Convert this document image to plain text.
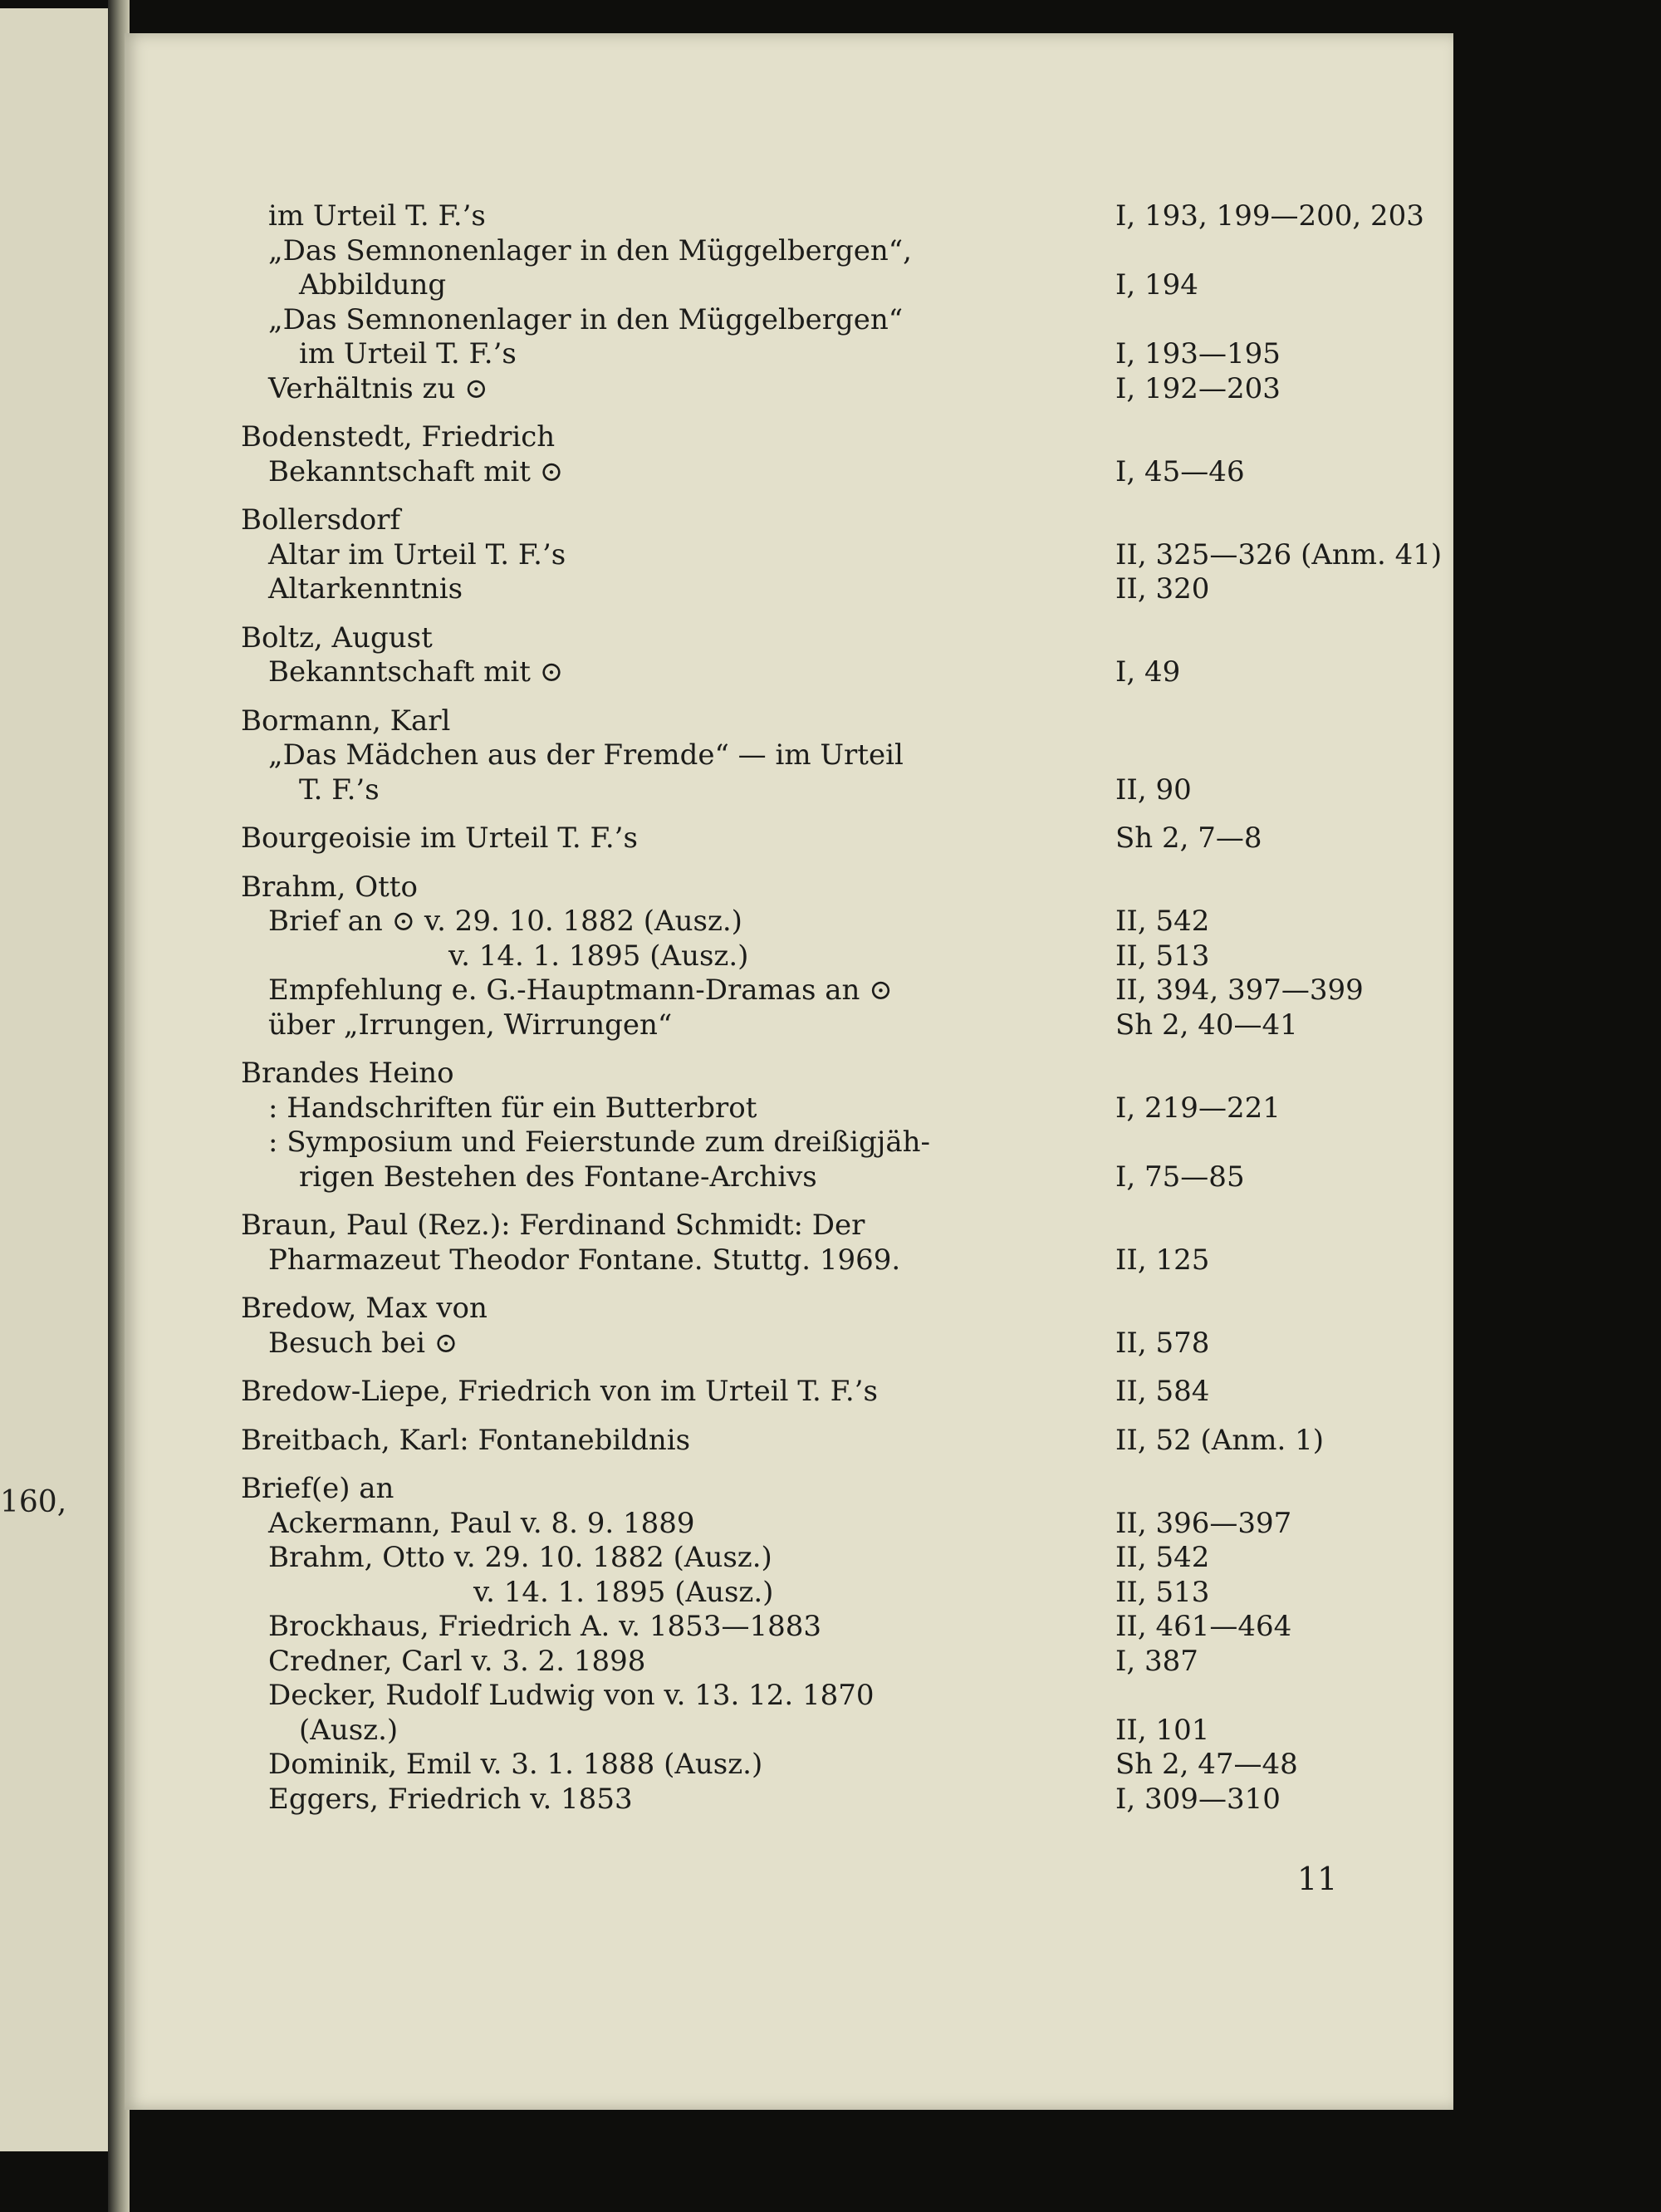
160,
im Urteil T. F.’s	I, 193, 199—200, 203
„Das Semnonenlager in den Müggelbergen“,
Abbildung	I, 194
„Das Semnonenlager in den Müggelbergen“
im Urteil T. F.’s	I, 193—195
Verhältnis zu ⊙	I, 192—203
Bodenstedt, Friedrich
Bekanntschaft mit ⊙	I, 45—46
Bollersdorf
Altar im Urteil T. F.’s	II, 325—326 (Anm. 41)
Altarkenntnis	II, 320
Boltz, August
Bekanntschaft mit ⊙	I, 49
Bormann, Karl
„Das Mädchen aus der Fremde“ — im Urteil
T. F.’s	II, 90
Bourgeoisie im Urteil T. F.’s	Sh 2, 7—8
Brahm, Otto
Brief an ⊙ v. 29. 10. 1882 (Ausz.)	II, 542
v. 14. 1. 1895 (Ausz.)	II, 513
Empfehlung e. G.-Hauptmann-Dramas an ⊙	II, 394, 397—399
über „Irrungen, Wirrungen“	Sh 2, 40—41
Brandes Heino
: Handschriften für ein Butterbrot	I, 219—221
: Symposium und Feierstunde zum dreißigjäh-
rigen Bestehen des Fontane-Archivs	I, 75—85
Braun, Paul (Rez.): Ferdinand Schmidt: Der
Pharmazeut Theodor Fontane. Stuttg. 1969.	II, 125
Bredow, Max von
Besuch bei ⊙	II, 578
Bredow-Liepe, Friedrich von im Urteil T. F.’s	II, 584
Breitbach, Karl: Fontanebildnis	II, 52 (Anm. 1)
Brief(e) an
Ackermann, Paul v. 8. 9. 1889	II, 396—397
Brahm, Otto v. 29. 10. 1882 (Ausz.)	II, 542
v. 14. 1. 1895 (Ausz.)	II, 513
Brockhaus, Friedrich A. v. 1853—1883	II, 461—464
Credner, Carl v. 3. 2. 1898	I, 387
Decker, Rudolf Ludwig von v. 13. 12. 1870
(Ausz.)	II, 101
Dominik, Emil v. 3. 1. 1888 (Ausz.)	Sh 2, 47—48
Eggers, Friedrich v. 1853	I, 309—310
11
